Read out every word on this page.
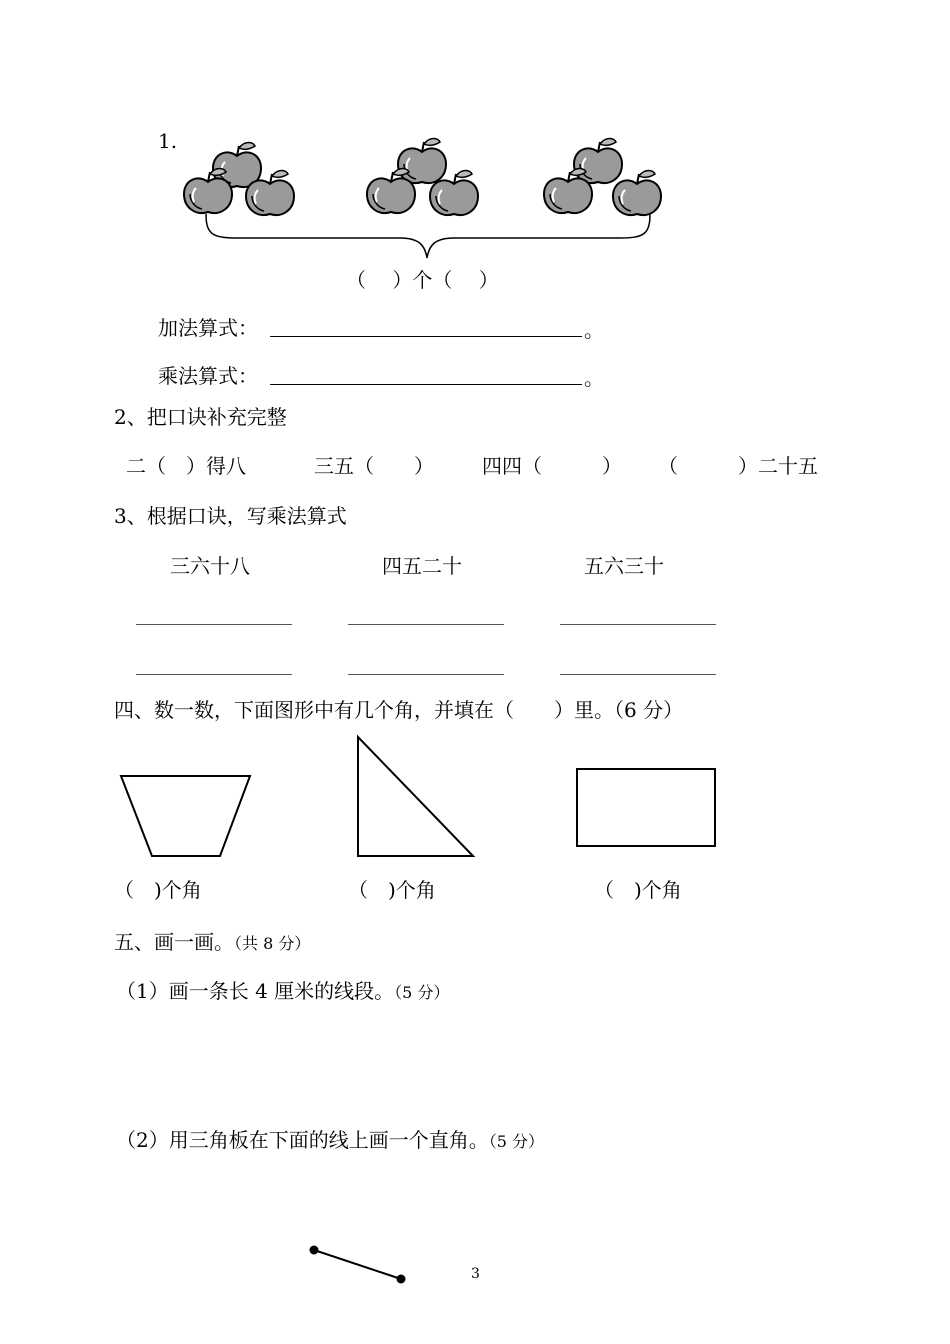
1.
（　 ）个（　 ）
加法算式：	。
乘法算式：	。
2、把口诀补充完整
二（　）得八	三五（　　） 四四（　　　） （　　　）二十五
3、根据口诀，写乘法算式
三六十八	四五二十	五六三十
四、数一数，下面图形中有几个角，并填在（　　）里。（6 分）
（　)个角	（　)个角	（　)个角
五、画一画。（共 8 分）
（1）画一条长 4 厘米的线段。（5 分）
（2）用三角板在下面的线上画一个直角。（5 分）
3
